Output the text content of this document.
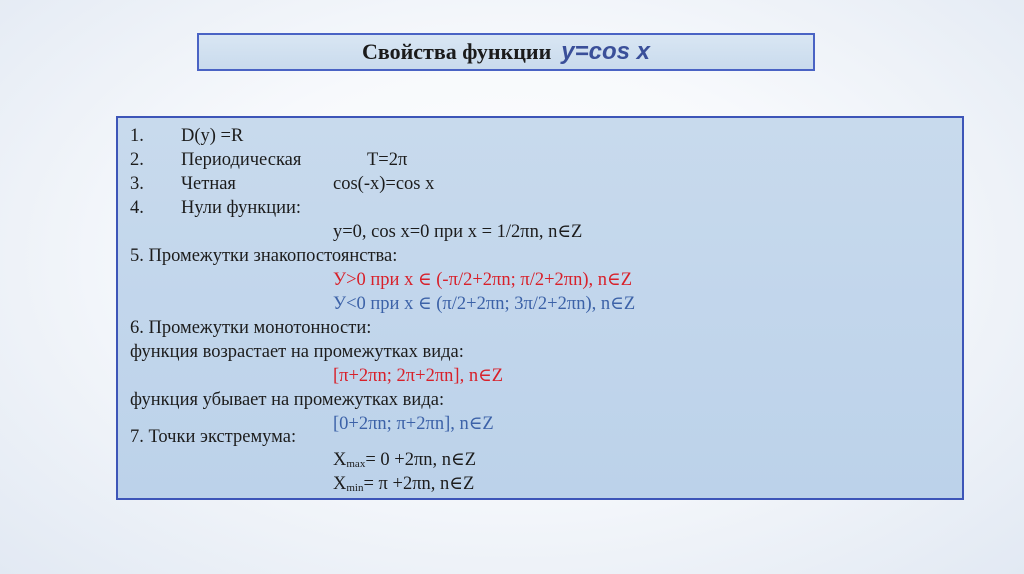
Свойства функции y=cos x
1. D(y) =R
2. Периодическая	T=2π
3. Четная	cos(-x)=cos x
4. Нули функции:
y=0, cos x=0 при x = 1/2πn, n∈Z
5. Промежутки знакопостоянства:
У>0 при x ∈ (-π/2+2πn; π/2+2πn), n∈Z
У<0 при x ∈ (π/2+2πn; 3π/2+2πn), n∈Z
6. Промежутки монотонности:
функция возрастает на промежутках вида:
[π+2πn; 2π+2πn], n∈Z
функция убывает на промежутках вида:
[0+2πn; π+2πn], n∈Z
7. Точки экстремума:
$X_{max}= 0 +2\pi n$, n∈Z
$X_{min}= \pi +2\pi n$, n∈Z
